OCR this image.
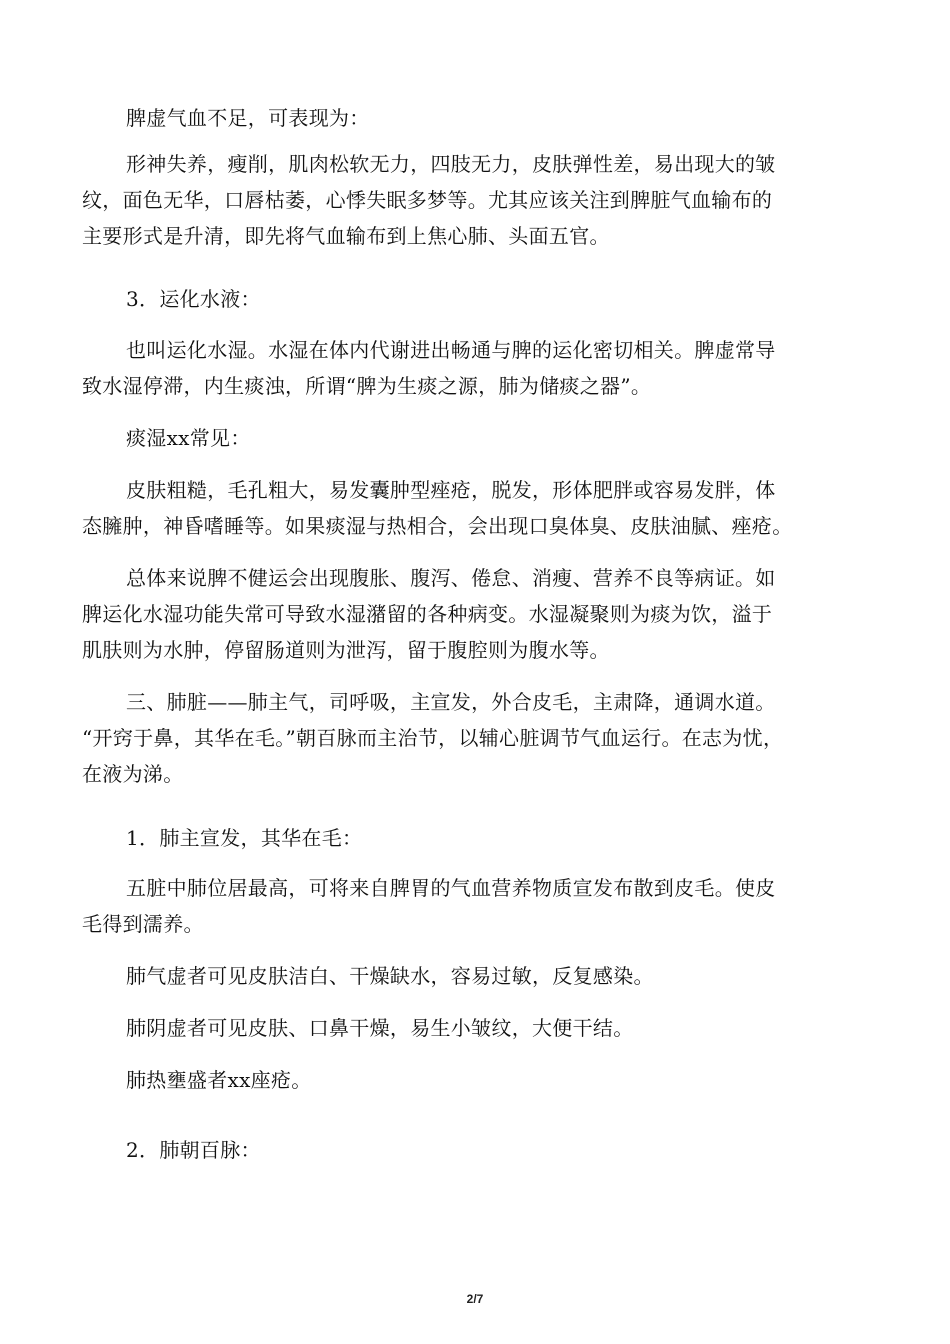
脾虚气血不足，可表现为：

形神失养，瘦削，肌肉松软无力，四肢无力，皮肤弹性差，易出现大的皱
纹，面色无华，口唇枯萎，心悸失眠多梦等。尤其应该关注到脾脏气血输布的
主要形式是升清，即先将气血输布到上焦心肺、头面五官。

3．运化水液：

也叫运化水湿。水湿在体内代谢进出畅通与脾的运化密切相关。脾虚常导
致水湿停滞，内生痰浊，所谓“脾为生痰之源，肺为储痰之器”。

痰湿xx常见：

皮肤粗糙，毛孔粗大，易发囊肿型痤疮，脱发，形体肥胖或容易发胖，体
态臃肿，神昏嗜睡等。如果痰湿与热相合，会出现口臭体臭、皮肤油腻、痤疮。

总体来说脾不健运会出现腹胀、腹泻、倦怠、消瘦、营养不良等病证。如
脾运化水湿功能失常可导致水湿潴留的各种病变。水湿凝聚则为痰为饮，溢于
肌肤则为水肿，停留肠道则为泄泻，留于腹腔则为腹水等。

三、肺脏——肺主气，司呼吸，主宣发，外合皮毛，主肃降，通调水道。
“开窍于鼻，其华在毛。”朝百脉而主治节，以辅心脏调节气血运行。在志为忧，
在液为涕。

1．肺主宣发，其华在毛：

五脏中肺位居最高，可将来自脾胃的气血营养物质宣发布散到皮毛。使皮
毛得到濡养。

肺气虚者可见皮肤洁白、干燥缺水，容易过敏，反复感染。

肺阴虚者可见皮肤、口鼻干燥，易生小皱纹，大便干结。

肺热壅盛者xx座疮。

2．肺朝百脉：

2/7
